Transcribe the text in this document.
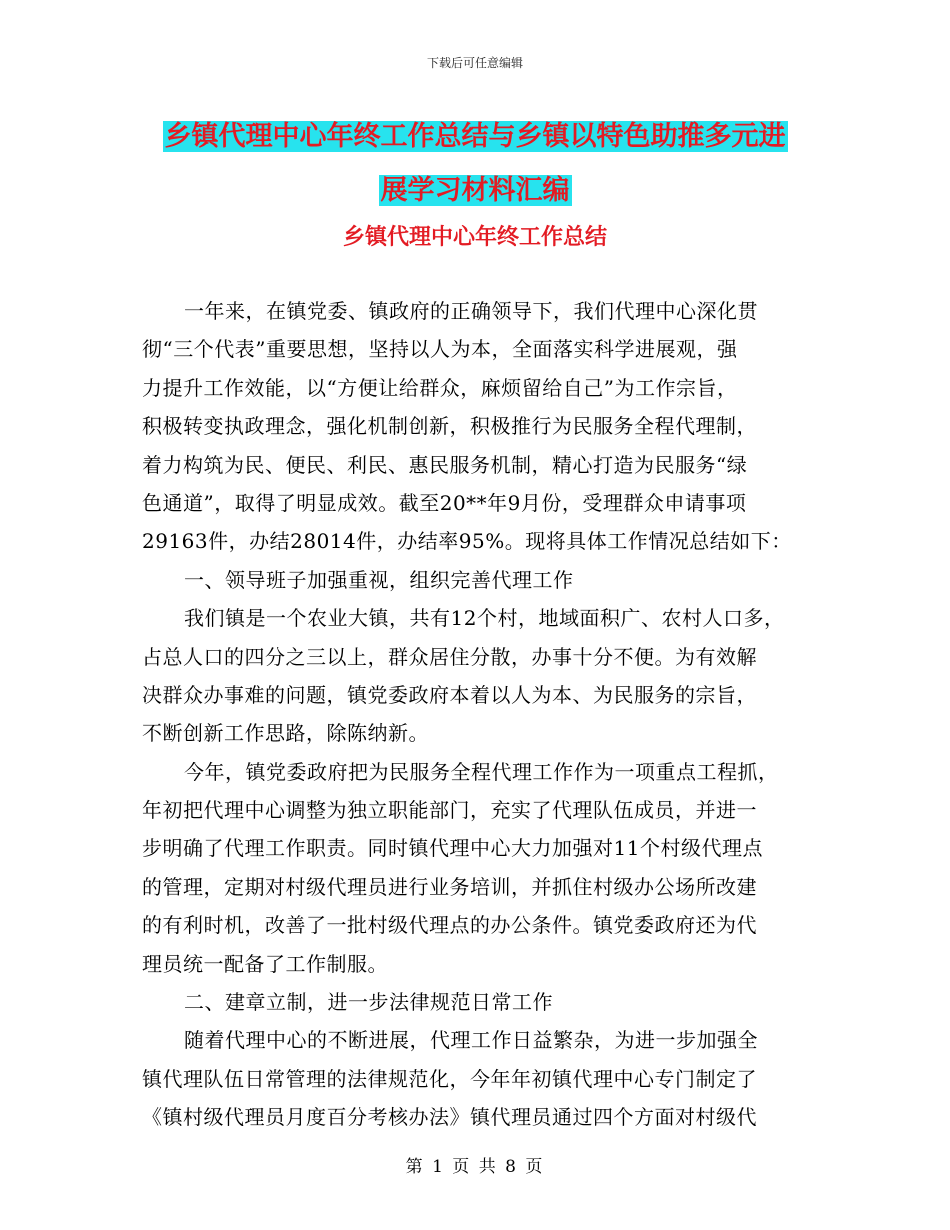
下载后可任意编辑
乡镇代理中心年终工作总结与乡镇以特色助推多元进
展学习材料汇编
乡镇代理中心年终工作总结
一年来，在镇党委、镇政府的正确领导下，我们代理中心深化贯
彻“三个代表”重要思想，坚持以人为本，全面落实科学进展观，强
力提升工作效能，以“方便让给群众，麻烦留给自己”为工作宗旨，
积极转变执政理念，强化机制创新，积极推行为民服务全程代理制，
着力构筑为民、便民、利民、惠民服务机制，精心打造为民服务“绿
色通道”，取得了明显成效。截至20**年9月份，受理群众申请事项
29163件，办结28014件，办结率95%。现将具体工作情况总结如下：
一、领导班子加强重视，组织完善代理工作
我们镇是一个农业大镇，共有12个村，地域面积广、农村人口多，
占总人口的四分之三以上，群众居住分散，办事十分不便。为有效解
决群众办事难的问题，镇党委政府本着以人为本、为民服务的宗旨，
不断创新工作思路，除陈纳新。
今年，镇党委政府把为民服务全程代理工作作为一项重点工程抓，
年初把代理中心调整为独立职能部门，充实了代理队伍成员，并进一
步明确了代理工作职责。同时镇代理中心大力加强对11个村级代理点
的管理，定期对村级代理员进行业务培训，并抓住村级办公场所改建
的有利时机，改善了一批村级代理点的办公条件。镇党委政府还为代
理员统一配备了工作制服。
二、建章立制，进一步法律规范日常工作
随着代理中心的不断进展，代理工作日益繁杂，为进一步加强全
镇代理队伍日常管理的法律规范化，今年年初镇代理中心专门制定了
《镇村级代理员月度百分考核办法》镇代理员通过四个方面对村级代
第 1 页 共 8 页
